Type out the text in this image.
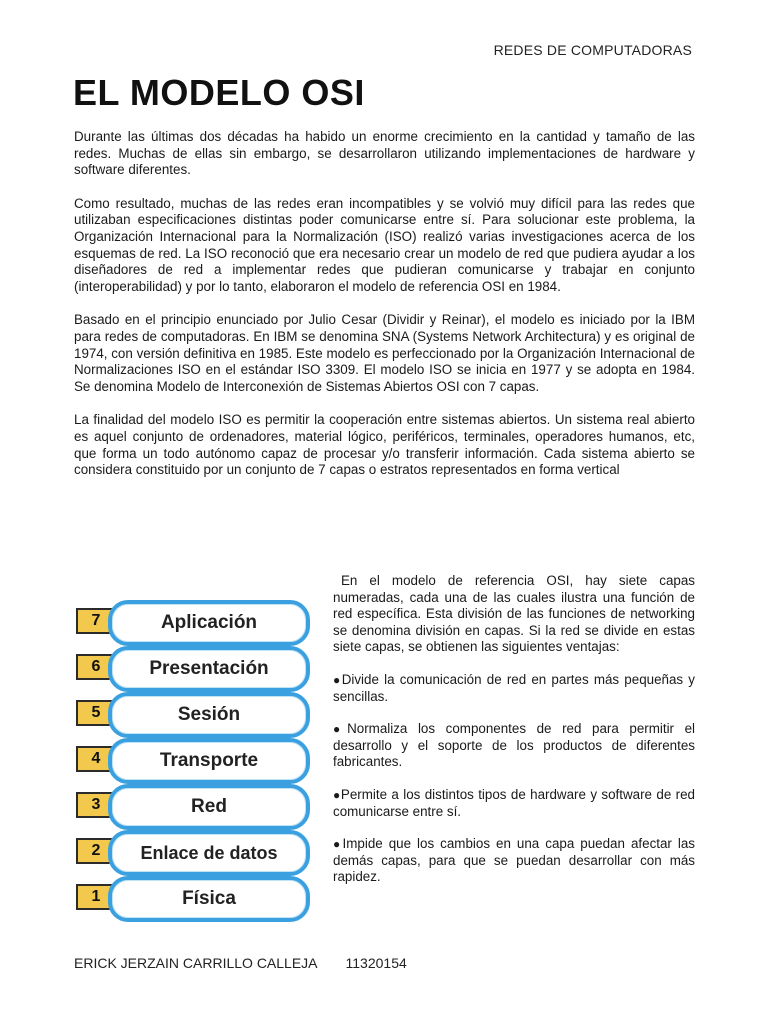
REDES DE COMPUTADORAS
EL MODELO OSI

Durante las últimas dos décadas ha habido un enorme crecimiento en la cantidad y tamaño de las redes. Muchas de ellas sin embargo, se desarrollaron utilizando implementaciones de hardware y software diferentes.

Como resultado, muchas de las redes eran incompatibles y se volvió muy difícil para las redes que utilizaban especificaciones distintas poder comunicarse entre sí. Para solucionar este problema, la Organización Internacional para la Normalización (ISO) realizó varias investigaciones acerca de los esquemas de red. La ISO reconoció que era necesario crear un modelo de red que pudiera ayudar a los diseñadores de red a implementar redes que pudieran comunicarse y trabajar en conjunto (interoperabilidad) y por lo tanto, elaboraron el modelo de referencia OSI en 1984.

Basado en el principio enunciado por Julio Cesar (Dividir y Reinar), el modelo es iniciado por la IBM para redes de computadoras. En IBM se denomina SNA (Systems Network Architectura) y es original de 1974, con versión definitiva en 1985. Este modelo es perfeccionado por la Organización Internacional de Normalizaciones ISO en el estándar ISO 3309. El modelo ISO se inicia en 1977 y se adopta en 1984. Se denomina Modelo de Interconexión de Sistemas Abiertos OSI con 7 capas.

La finalidad del modelo ISO es permitir la cooperación entre sistemas abiertos. Un sistema real abierto es aquel conjunto de ordenadores, material lógico, periféricos, terminales, operadores humanos, etc, que forma un todo autónomo capaz de procesar y/o transferir información. Cada sistema abierto se considera constituido por un conjunto de 7 capas o estratos representados en forma vertical

7	Aplicación
6	Presentación
5	Sesión
4	Transporte
3	Red
2	Enlace de datos
1	Física

En el modelo de referencia OSI, hay siete capas numeradas, cada una de las cuales ilustra una función de red específica. Esta división de las funciones de networking se denomina división en capas. Si la red se divide en estas siete capas, se obtienen las siguientes ventajas:

●Divide la comunicación de red en partes más pequeñas y sencillas.

●Normaliza los componentes de red para permitir el desarrollo y el soporte de los productos de diferentes fabricantes.

●Permite a los distintos tipos de hardware y software de red comunicarse entre sí.

●Impide que los cambios en una capa puedan afectar las demás capas, para que se puedan desarrollar con más rapidez.

ERICK JERZAIN CARRILLO CALLEJA 11320154
